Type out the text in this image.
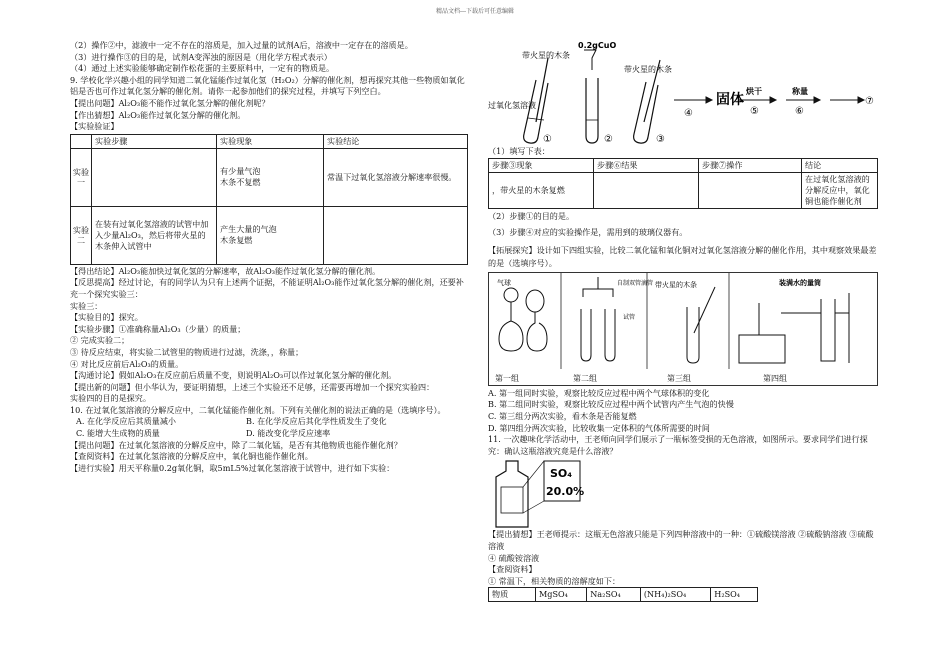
精品文档---下载后可任意编辑

（2）操作②中，滤液中一定不存在的溶质是，加入过量的试剂A后，溶液中一定存在的溶质是。

（3）进行操作③的目的是，试剂A变浑浊的原因是（用化学方程式表示）

（4）通过上述实验能够确定制作松花蛋的主要原料中，一定有的物质是。

9. 学校化学兴趣小组的同学知道二氧化锰能作过氧化氢（H₂O₂）分解的催化剂，想再探究其他一些物质如氧化铝是否也可作过氧化氢分解的催化剂。请你一起参加他们的探究过程，并填写下列空白。

【提出问题】Al₂O₃能不能作过氧化氢分解的催化剂呢？

【作出猜想】Al₂O₃能作过氧化氢分解的催化剂。

【实验验证】

	实验步骤	实验现象	实验结论
实验一		有少量气泡
木条不复燃	常温下过氧化氢溶液分解速率很慢。
实验二	在装有过氧化氢溶液的试管中加入少量Al₂O₃，然后将带火星的木条伸入试管中	产生大量的气泡
木条复燃	

【得出结论】Al₂O₃能加快过氧化氢的分解速率，故Al₂O₃能作过氧化氢分解的催化剂。

【反思提高】经过讨论，有的同学认为只有上述两个证据，不能证明Al₂O₃能作过氧化氢分解的催化剂，还要补充一个探究实验三：

实验三：

【实验目的】探究。

【实验步骤】①准确称量Al₂O₃（少量）的质量；

② 完成实验二；

③ 待反应结束，将实验二试管里的物质进行过滤，洗涤，，称量；

④ 对比反应前后Al₂O₃的质量。

【沟通讨论】假如Al₂O₃在反应前后质量不变，则说明Al₂O₃可以作过氧化氢分解的催化剂。

【提出新的问题】但小华认为，要证明猜想，上述三个实验还不足够，还需要再增加一个探究实验四：

实验四的目的是探究。

10. 在过氧化氢溶液的分解反应中，二氧化锰能作催化剂。下列有关催化剂的说法正确的是（选填序号）。

A. 在化学反应后其质量减小	B. 在化学反应后其化学性质发生了变化
C. 能增大生成物的质量	D. 能改变化学反应速率

【提出问题】在过氧化氢溶液的分解反应中，除了二氧化锰，是否有其他物质也能作催化剂？

【查阅资料】在过氧化氢溶液的分解反应中，氧化铜也能作催化剂。

【进行实验】用天平称量0.2g氧化铜，取5mL5%过氧化氢溶液于试管中，进行如下实验：

带火星的木条
0.2gCuO
带火星的木条
过氧化氢溶液
①	②	③
④
固体
烘干
⑤
称量
⑥
⑦

（1）填写下表：

步骤③现象	步骤⑥结果	步骤⑦操作	结论
，带火星的木条复燃			在过氧化氢溶液的分解反应中，氧化铜也能作催化剂

（2）步骤①的目的是。

（3）步骤④对应的实验操作是，需用到的玻璃仪器有。

【拓展探究】设计如下四组实验，比较二氧化锰和氧化铜对过氧化氢溶液分解的催化作用，其中观察效果最差的是（选填序号）。

气球	自制双管滴管
试管
带火星的木条	装满水的量筒
第一组	第二组	第三组	第四组

A. 第一组同时实验，观察比较反应过程中两个气球体积的变化

B. 第二组同时实验，观察比较反应过程中两个试管内产生气泡的快慢

C. 第三组分两次实验，看木条是否能复燃

D. 第四组分两次实验，比较收集一定体积的气体所需要的时间

11. 一次趣味化学活动中，王老师向同学们展示了一瓶标签受损的无色溶液，如图所示。要求同学们进行探究：确认这瓶溶液究竟是什么溶液？

SO₄
20.0%

【提出猜想】王老师提示：这瓶无色溶液只能是下列四种溶液中的一种：①硫酸镁溶液 ②硫酸钠溶液 ③硫酸溶液

④ 硫酸铵溶液

【查阅资料】

① 常温下，相关物质的溶解度如下：

物质	MgSO₄	Na₂SO₄	(NH₄)₂SO₄	H₂SO₄
